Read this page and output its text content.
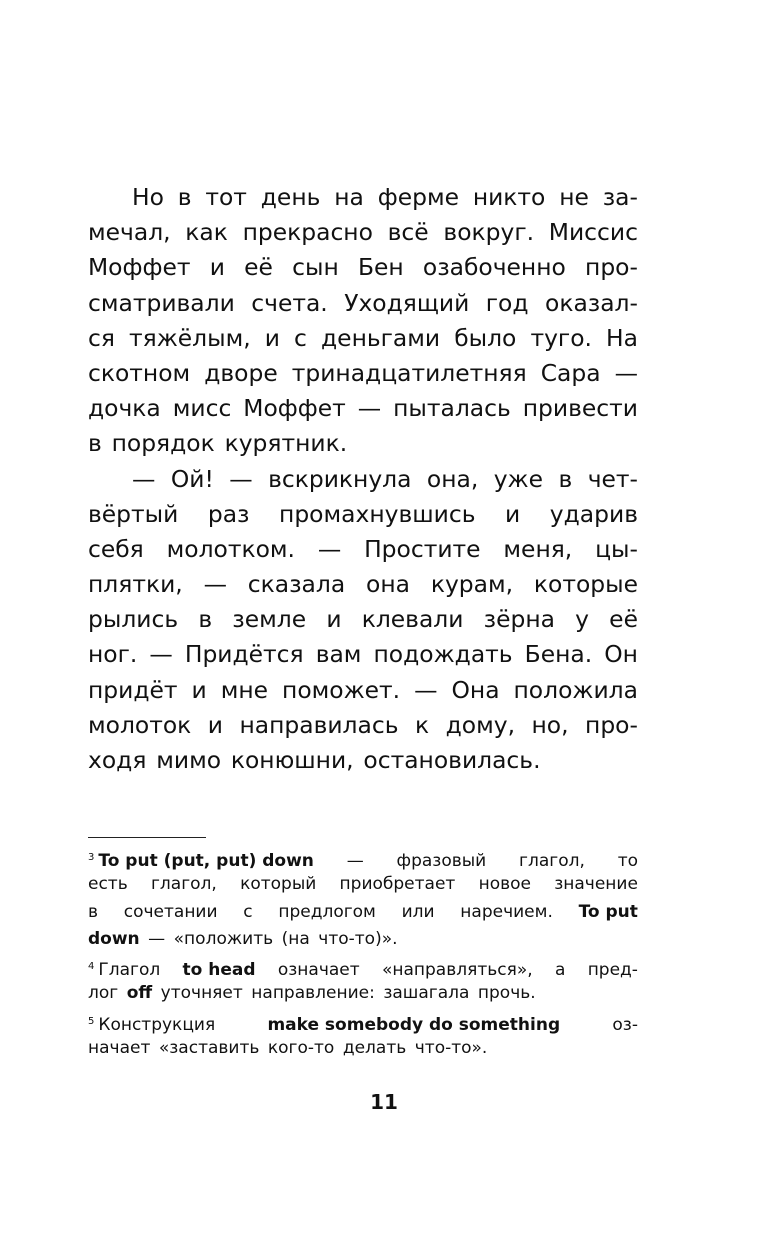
Но в тот день на ферме никто не за-
мечал, как прекрасно всё вокруг. Миссис
Моффет и её сын Бен озабоченно про-
сматривали счета. Уходящий год оказал-
ся тяжёлым, и с деньгами было туго. На
скотном дворе тринадцатилетняя Сара —
дочка мисс Моффет — пыталась привести
в порядок курятник.
— Ой! — вскрикнула она, уже в чет-
вёртый раз промахнувшись и ударив
себя молотком. — Простите меня, цы-
плятки, — сказала она курам, которые
рылись в земле и клевали зёрна у её
ног. — Придётся вам подождать Бена. Он
придёт и мне поможет. — Она положила
молоток и направилась к дому, но, про-
ходя мимо конюшни, остановилась.
$^3$ To put (put, put) down — фразовый глагол, то
есть глагол, который приобретает новое значение
в сочетании с предлогом или наречием. To put
down — «положить (на что-то)».
$^4$ Глагол to head означает «направляться», а пред-
лог off уточняет направление: зашагала прочь.
$^5$ Конструкция	make somebody do something	оз-
начает «заставить кого-то делать что-то».
11
